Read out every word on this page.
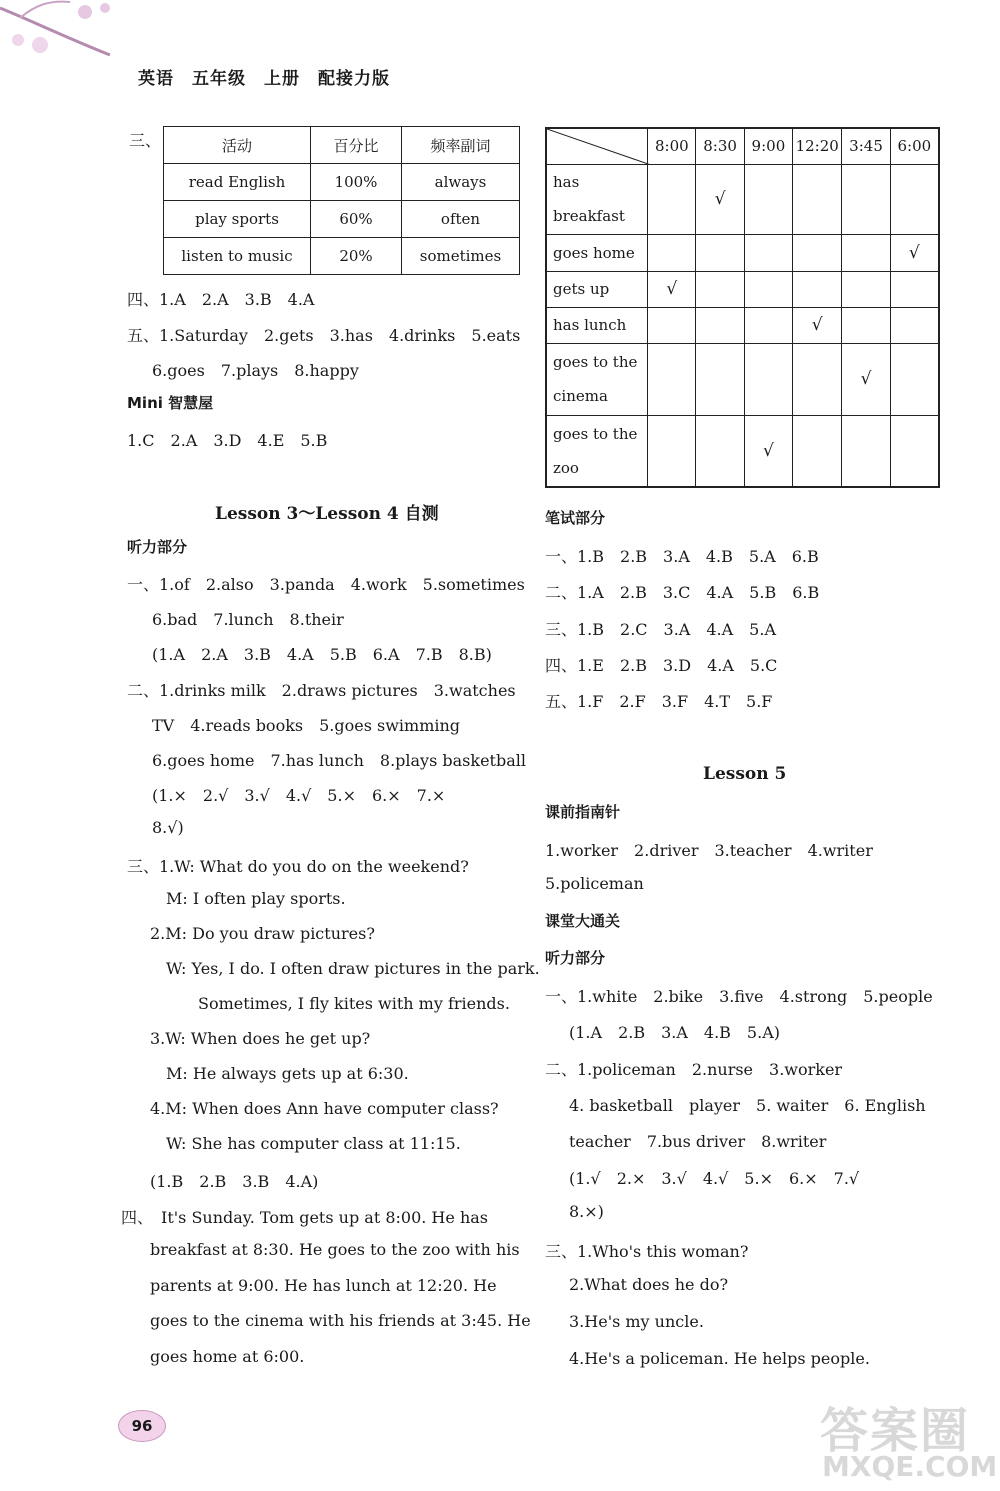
英语　五年级　上册　配接力版
三、	活动	百分比	频率副词
read English	100%	always
play sports	60%	often
listen to music	20%	sometimes
四、1.A　2.A　3.B　4.A
五、1.Saturday　2.gets　3.has　4.drinks　5.eats
6.goes　7.plays　8.happy
Mini 智慧屋
1.C　2.A　3.D　4.E　5.B
Lesson 3～Lesson 4 自测
听力部分
一、1.of　2.also　3.panda　4.work　5.sometimes
6.bad　7.lunch　8.their
(1.A　2.A　3.B　4.A　5.B　6.A　7.B　8.B)
二、1.drinks milk　2.draws pictures　3.watches
TV　4.reads books　5.goes swimming
6.goes home　7.has lunch　8.plays basketball
(1.×　2.√　3.√　4.√　5.×　6.×　7.×
8.√)
三、1.W: What do you do on the weekend?
M: I often play sports.
2.M: Do you draw pictures?
W: Yes, I do. I often draw pictures in the park.
Sometimes, I fly kites with my friends.
3.W: When does he get up?
M: He always gets up at 6:30.
4.M: When does Ann have computer class?
W: She has computer class at 11:15.
(1.B　2.B　3.B　4.A)
四、　It's Sunday. Tom gets up at 8:00. He has
breakfast at 8:30. He goes to the zoo with his
parents at 9:00. He has lunch at 12:20. He
goes to the cinema with his friends at 3:45. He
goes home at 6:00.
	8:00	8:30	9:00	12:20	3:45	6:00

has
breakfast		√				

goes home						√

gets up	√					

has lunch				√		

goes to the
cinema					√	

goes to the
zoo			√			
笔试部分
一、1.B　2.B　3.A　4.B　5.A　6.B
二、1.A　2.B　3.C　4.A　5.B　6.B
三、1.B　2.C　3.A　4.A　5.A
四、1.E　2.B　3.D　4.A　5.C
五、1.F　2.F　3.F　4.T　5.F
Lesson 5
课前指南针
1.worker　2.driver　3.teacher　4.writer
5.policeman
课堂大通关
听力部分
一、1.white　2.bike　3.five　4.strong　5.people
(1.A　2.B　3.A　4.B　5.A)
二、1.policeman　2.nurse　3.worker
4. basketball　player　5. waiter　6. English
teacher　7.bus driver　8.writer
(1.√　2.×　3.√　4.√　5.×　6.×　7.√
8.×)
三、1.Who's this woman?
2.What does he do?
3.He's my uncle.
4.He's a policeman. He helps people.
96	答案圈
MXQE.COM
